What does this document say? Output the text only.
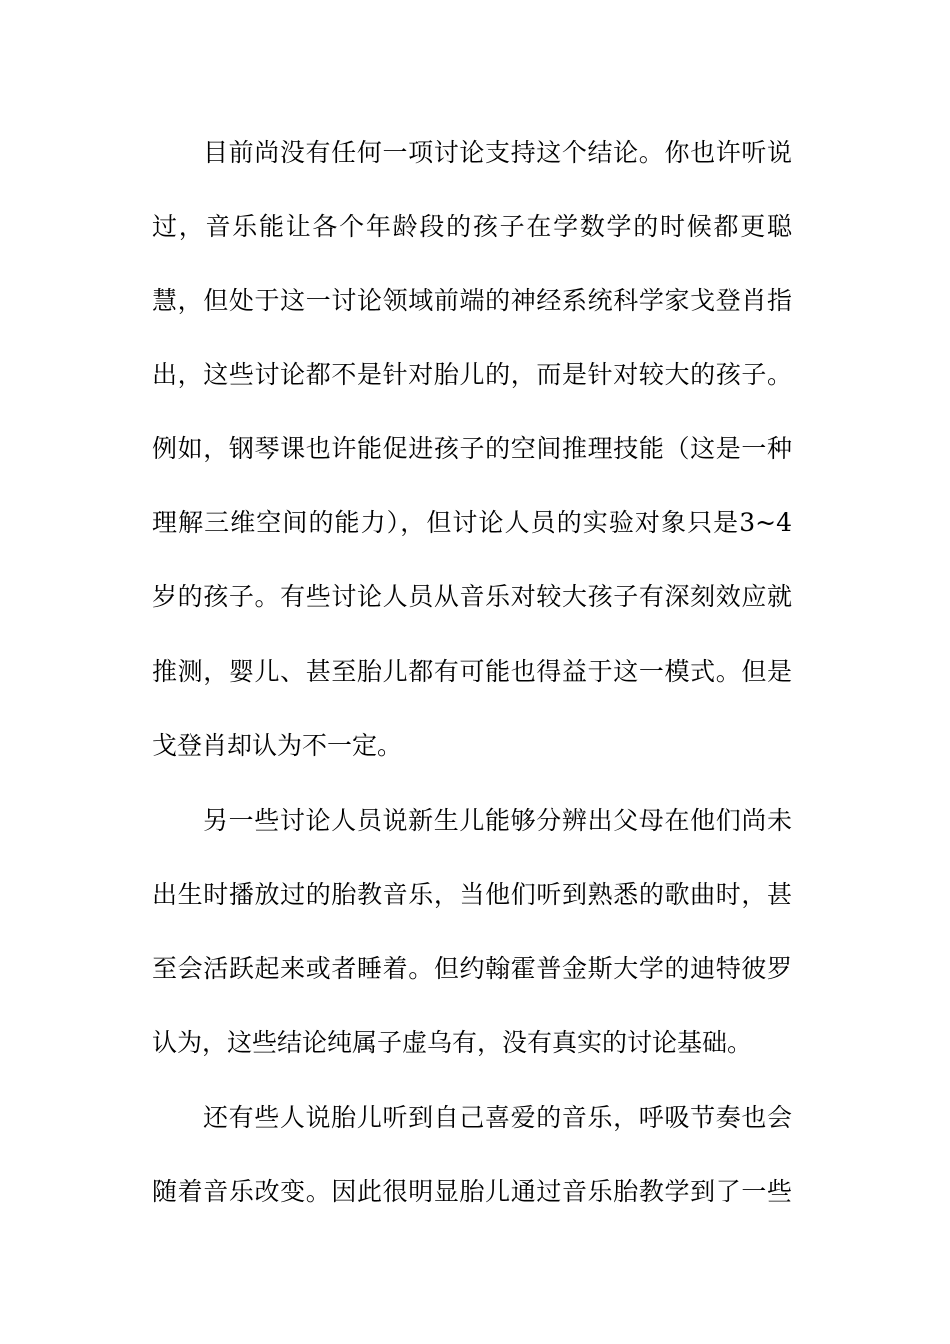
目前尚没有任何一项讨论支持这个结论。你也许听说
过，音乐能让各个年龄段的孩子在学数学的时候都更聪
慧，但处于这一讨论领域前端的神经系统科学家戈登肖指
出，这些讨论都不是针对胎儿的，而是针对较大的孩子。
例如，钢琴课也许能促进孩子的空间推理技能（这是一种
理解三维空间的能力），但讨论人员的实验对象只是3~4
岁的孩子。有些讨论人员从音乐对较大孩子有深刻效应就
推测，婴儿、甚至胎儿都有可能也得益于这一模式。但是
戈登肖却认为不一定。
另一些讨论人员说新生儿能够分辨出父母在他们尚未
出生时播放过的胎教音乐，当他们听到熟悉的歌曲时，甚
至会活跃起来或者睡着。但约翰霍普金斯大学的迪特彼罗
认为，这些结论纯属子虚乌有，没有真实的讨论基础。
还有些人说胎儿听到自己喜爱的音乐，呼吸节奏也会
随着音乐改变。因此很明显胎儿通过音乐胎教学到了一些
